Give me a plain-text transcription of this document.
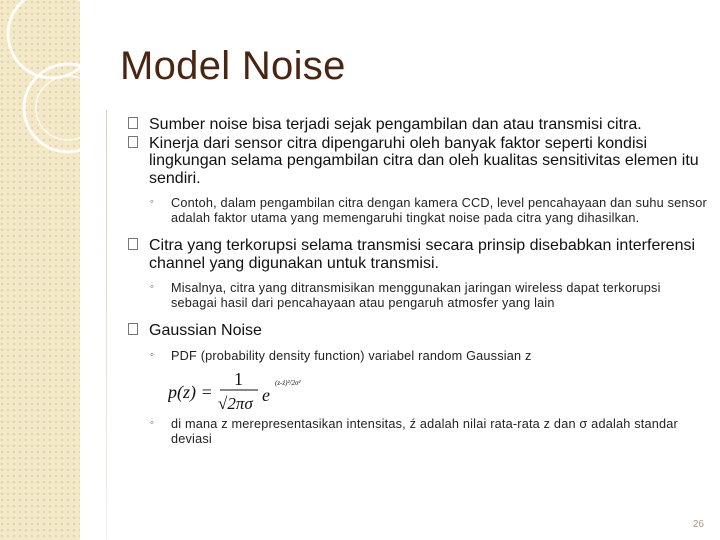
Model Noise
Sumber noise bisa terjadi sejak pengambilan dan atau transmisi citra.
Kinerja dari sensor citra dipengaruhi oleh banyak faktor seperti kondisi lingkungan selama pengambilan citra dan oleh kualitas sensitivitas elemen itu sendiri.
◦ Contoh, dalam pengambilan citra dengan kamera CCD, level pencahayaan dan suhu sensor adalah faktor utama yang memengaruhi tingkat noise pada citra yang dihasilkan.
Citra yang terkorupsi selama transmisi secara prinsip disebabkan interferensi channel yang digunakan untuk transmisi.
◦ Misalnya, citra yang ditransmisikan menggunakan jaringan wireless dapat terkorupsi sebagai hasil dari pencahayaan atau pengaruh atmosfer yang lain
Gaussian Noise
◦ PDF (probability density function) variabel random Gaussian z
p(z) =
1
√2πσ e
(z-ź)²/2σ²
◦ di mana z merepresentasikan intensitas, ź adalah nilai rata-rata z dan σ adalah standar deviasi
26
